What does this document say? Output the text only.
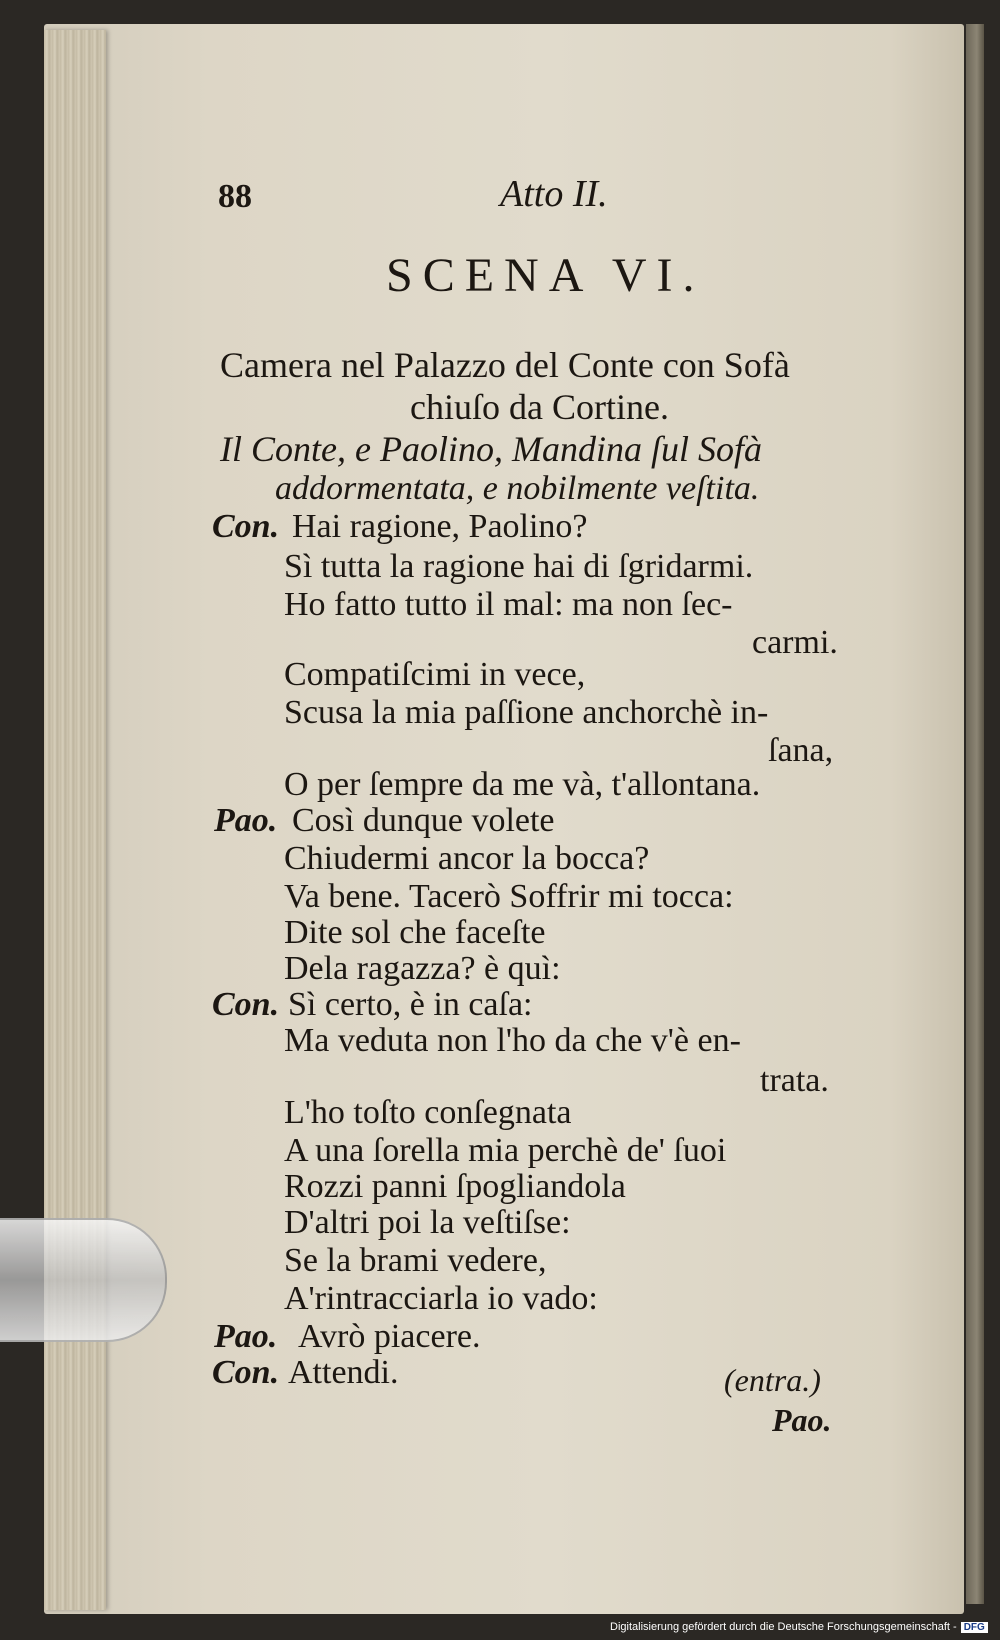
88	Atto II.
SCENA VI.
Camera nel Palazzo del Conte con Sofà
chiuſo da Cortine.
Il Conte, e Paolino, Mandina ſul Sofà
addormentata, e nobilmente veſtita.
Con. Hai ragione, Paolino?
Sì tutta la ragione hai di ſgridarmi.
Ho fatto tutto il mal: ma non ſec-
carmi.
Compatiſcimi in vece,
Scusa la mia paſſione anchorchè in-
ſana,
O per ſempre da me và, t'allontana.
Pao. Così dunque volete
Chiudermi ancor la bocca?
Va bene. Tacerò Soffrir mi tocca:
Dite sol che faceſte
Dela ragazza? è quì:
Con. Sì certo, è in caſa:
Ma veduta non l'ho da che v'è en-
trata.
L'ho toſto conſegnata
A una ſorella mia perchè de' ſuoi
Rozzi panni ſpogliandola
D'altri poi la veſtiſse:
Se la brami vedere,
A'rintracciarla io vado:
Pao. Avrò piacere.
Con. Attendi.	(entra.)
Pao.
Digitalisierung gefördert durch die Deutsche Forschungsgemeinschaft - DFG
